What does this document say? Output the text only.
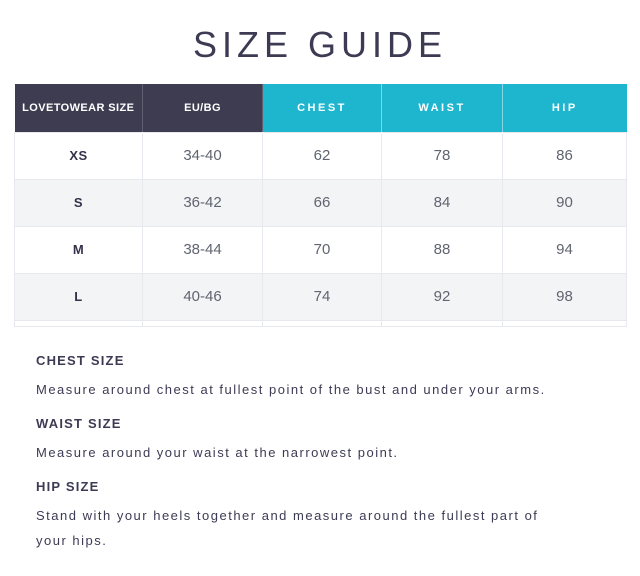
SIZE GUIDE
LOVETOWEAR SIZE	EU/BG	CHEST	WAIST	HIP
XS	34-40	62	78	86
S	36-42	66	84	90
M	38-44	70	88	94
L	40-46	74	92	98

CHEST SIZE
Measure around chest at fullest point of the bust and under your arms.
WAIST SIZE
Measure around your waist at the narrowest point.
HIP SIZE
Stand with your heels together and measure around the fullest part of your hips.
